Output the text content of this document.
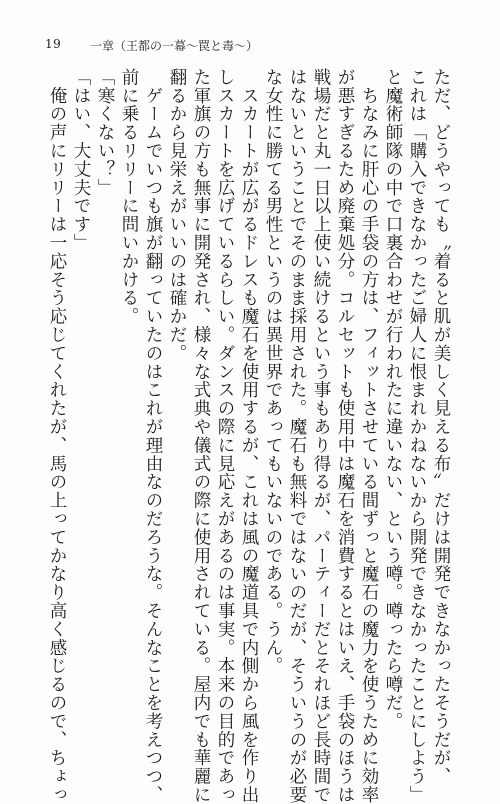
19 一章（王都の一幕〜罠と毒〜）
ただ、どうやっても〝着ると肌が美しく見える布〟だけは開発できなかったそうだが、
これは「購入できなかったご婦人に恨まれかねないから開発できなかったことにしよう」
と魔術師隊の中で口裏合わせが行われたに違いない、という噂。噂ったら噂だ。
　ちなみに肝心の手袋の方は、フィットさせている間ずっと魔石の魔力を使うために効率
が悪すぎるため廃棄処分。コルセットも使用中は魔石を消費するとはいえ、手袋のほうは
戦場だと丸一日以上使い続けるという事もあり得るが、パーティーだとそれほど長時間で
はないということでそのまま採用された。魔石も無料ではないのだが、そういうのが必要
な女性に勝てる男性というのは異世界であってもいないのである。うん。
　スカートが広がるドレスも魔石を使用するが、これは風の魔道具で内側から風を作り出
しスカートを広げているらしい。ダンスの際に見応えがあるのは事実。本来の目的であっ
た軍旗の方も無事に開発され、様々な式典や儀式の際に使用されている。屋内でも華麗に
翻るから見栄えがいいのは確かだ。
　ゲームでいつも旗が翻っていたのはこれが理由なのだろうな。そんなことを考えつつ、
前に乗るリリーに問いかける。
「寒くない？」
「はい、大丈夫です」
　俺の声にリリーは一応そう応じてくれたが、馬の上ってかなり高く感じるので、ちょっ
